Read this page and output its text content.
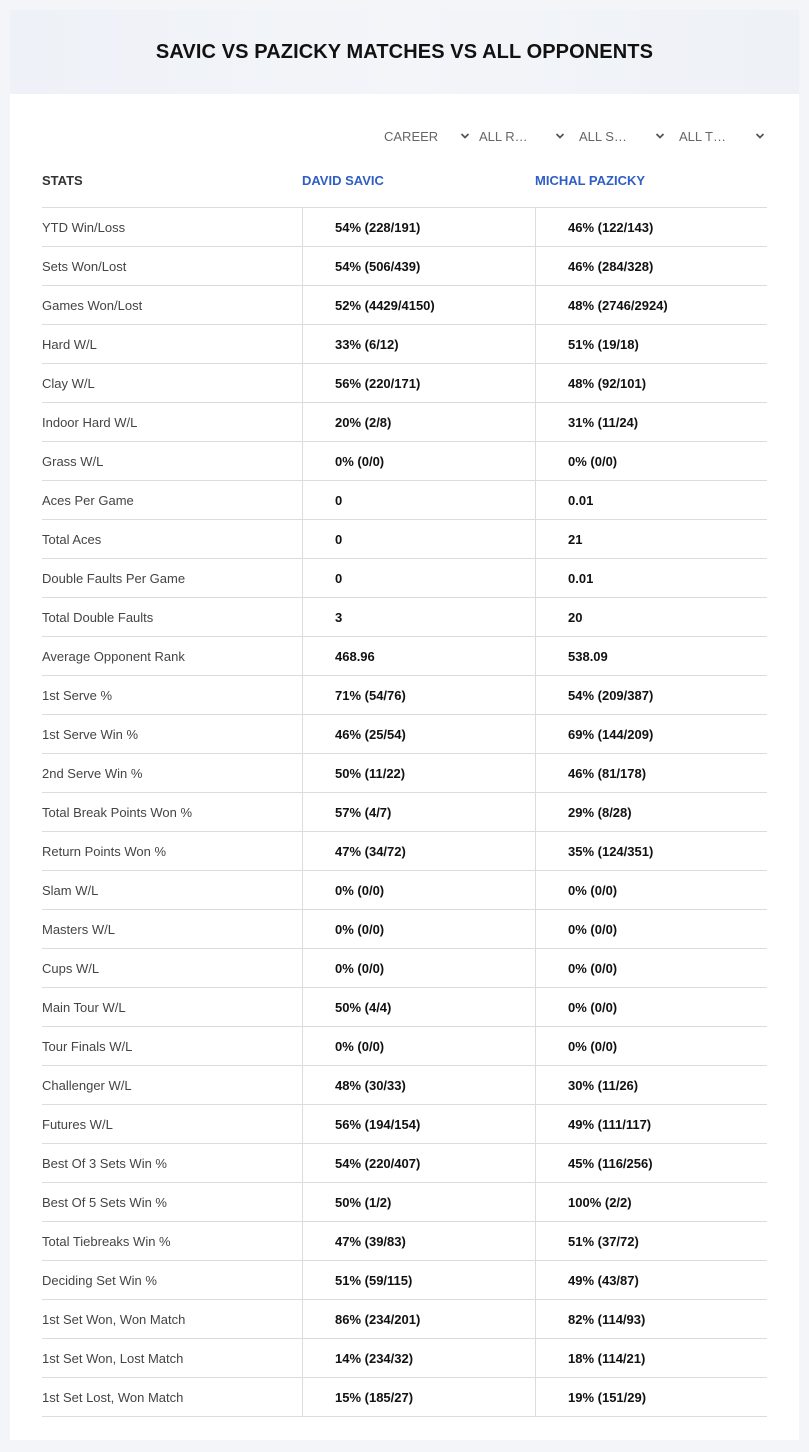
SAVIC VS PAZICKY MATCHES VS ALL OPPONENTS
CAREER	ALL R…	ALL S…	ALL T…
STATS	DAVID SAVIC	MICHAL PAZICKY
YTD Win/Loss	54% (228/191)	46% (122/143)
Sets Won/Lost	54% (506/439)	46% (284/328)
Games Won/Lost	52% (4429/4150)	48% (2746/2924)
Hard W/L	33% (6/12)	51% (19/18)
Clay W/L	56% (220/171)	48% (92/101)
Indoor Hard W/L	20% (2/8)	31% (11/24)
Grass W/L	0% (0/0)	0% (0/0)
Aces Per Game	0	0.01
Total Aces	0	21
Double Faults Per Game	0	0.01
Total Double Faults	3	20
Average Opponent Rank	468.96	538.09
1st Serve %	71% (54/76)	54% (209/387)
1st Serve Win %	46% (25/54)	69% (144/209)
2nd Serve Win %	50% (11/22)	46% (81/178)
Total Break Points Won %	57% (4/7)	29% (8/28)
Return Points Won %	47% (34/72)	35% (124/351)
Slam W/L	0% (0/0)	0% (0/0)
Masters W/L	0% (0/0)	0% (0/0)
Cups W/L	0% (0/0)	0% (0/0)
Main Tour W/L	50% (4/4)	0% (0/0)
Tour Finals W/L	0% (0/0)	0% (0/0)
Challenger W/L	48% (30/33)	30% (11/26)
Futures W/L	56% (194/154)	49% (111/117)
Best Of 3 Sets Win %	54% (220/407)	45% (116/256)
Best Of 5 Sets Win %	50% (1/2)	100% (2/2)
Total Tiebreaks Win %	47% (39/83)	51% (37/72)
Deciding Set Win %	51% (59/115)	49% (43/87)
1st Set Won, Won Match	86% (234/201)	82% (114/93)
1st Set Won, Lost Match	14% (234/32)	18% (114/21)
1st Set Lost, Won Match	15% (185/27)	19% (151/29)
